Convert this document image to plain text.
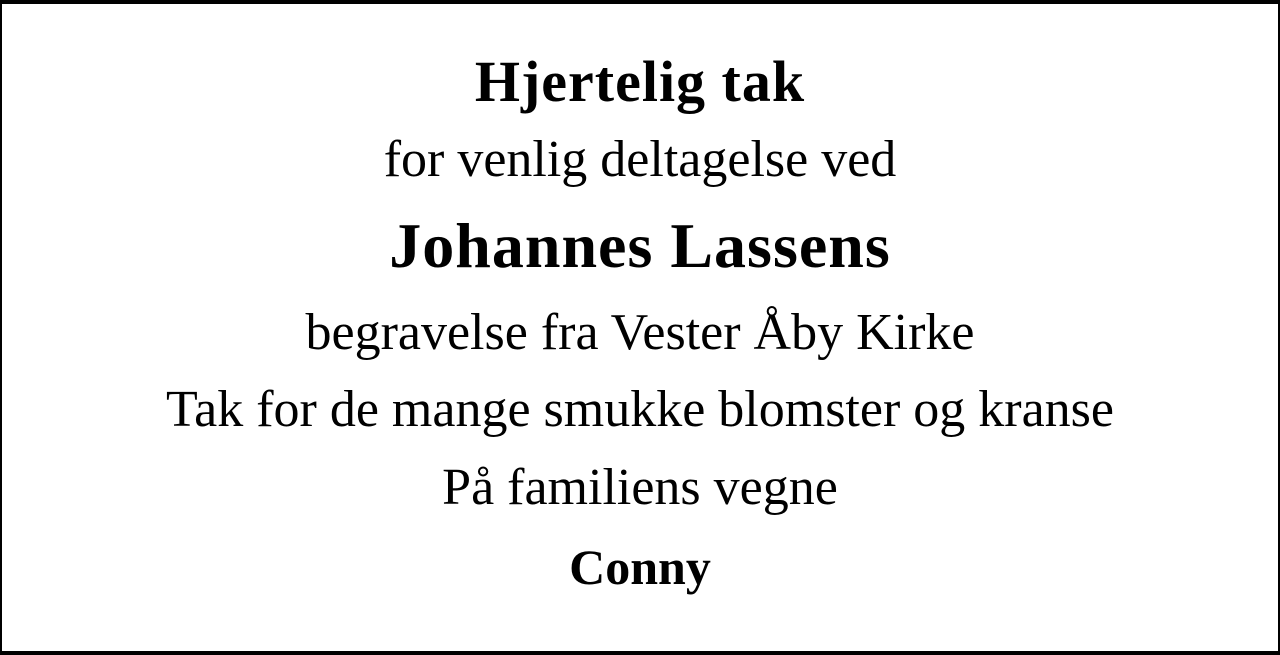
Hjertelig tak
for venlig deltagelse ved
Johannes Lassens
begravelse fra Vester Åby Kirke
Tak for de mange smukke blomster og kranse
På familiens vegne
Conny
